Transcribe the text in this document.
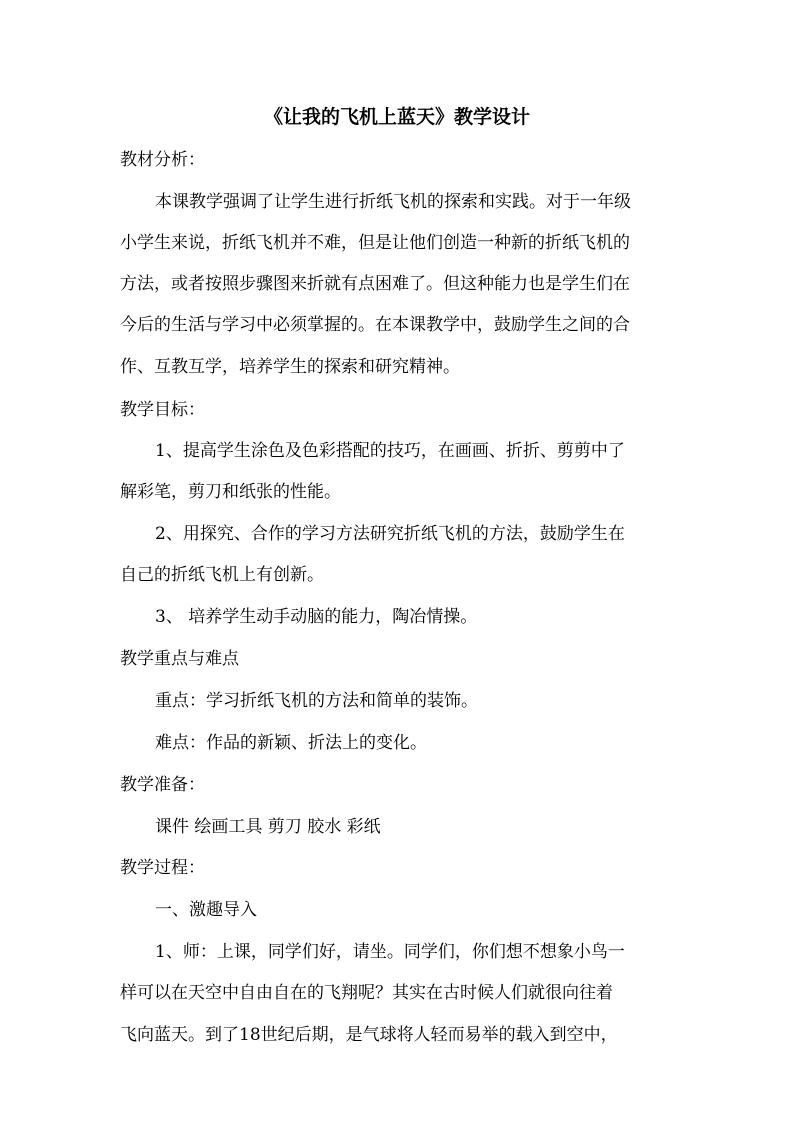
《让我的飞机上蓝天》教学设计
教材分析：
本课教学强调了让学生进行折纸飞机的探索和实践。对于一年级
小学生来说，折纸飞机并不难，但是让他们创造一种新的折纸飞机的
方法，或者按照步骤图来折就有点困难了。但这种能力也是学生们在
今后的生活与学习中必须掌握的。在本课教学中，鼓励学生之间的合
作、互教互学，培养学生的探索和研究精神。
教学目标：
1、提高学生涂色及色彩搭配的技巧，在画画、折折、剪剪中了
解彩笔，剪刀和纸张的性能。
2、用探究、合作的学习方法研究折纸飞机的方法，鼓励学生在
自己的折纸飞机上有创新。
3、 培养学生动手动脑的能力，陶冶情操。
教学重点与难点
重点：学习折纸飞机的方法和简单的装饰。
难点：作品的新颖、折法上的变化。
教学准备：
课件 绘画工具 剪刀 胶水 彩纸
教学过程：
一、激趣导入
1、师：上课，同学们好，请坐。同学们，你们想不想象小鸟一
样可以在天空中自由自在的飞翔呢？其实在古时候人们就很向往着
飞向蓝天。到了18世纪后期，是气球将人轻而易举的载入到空中，
